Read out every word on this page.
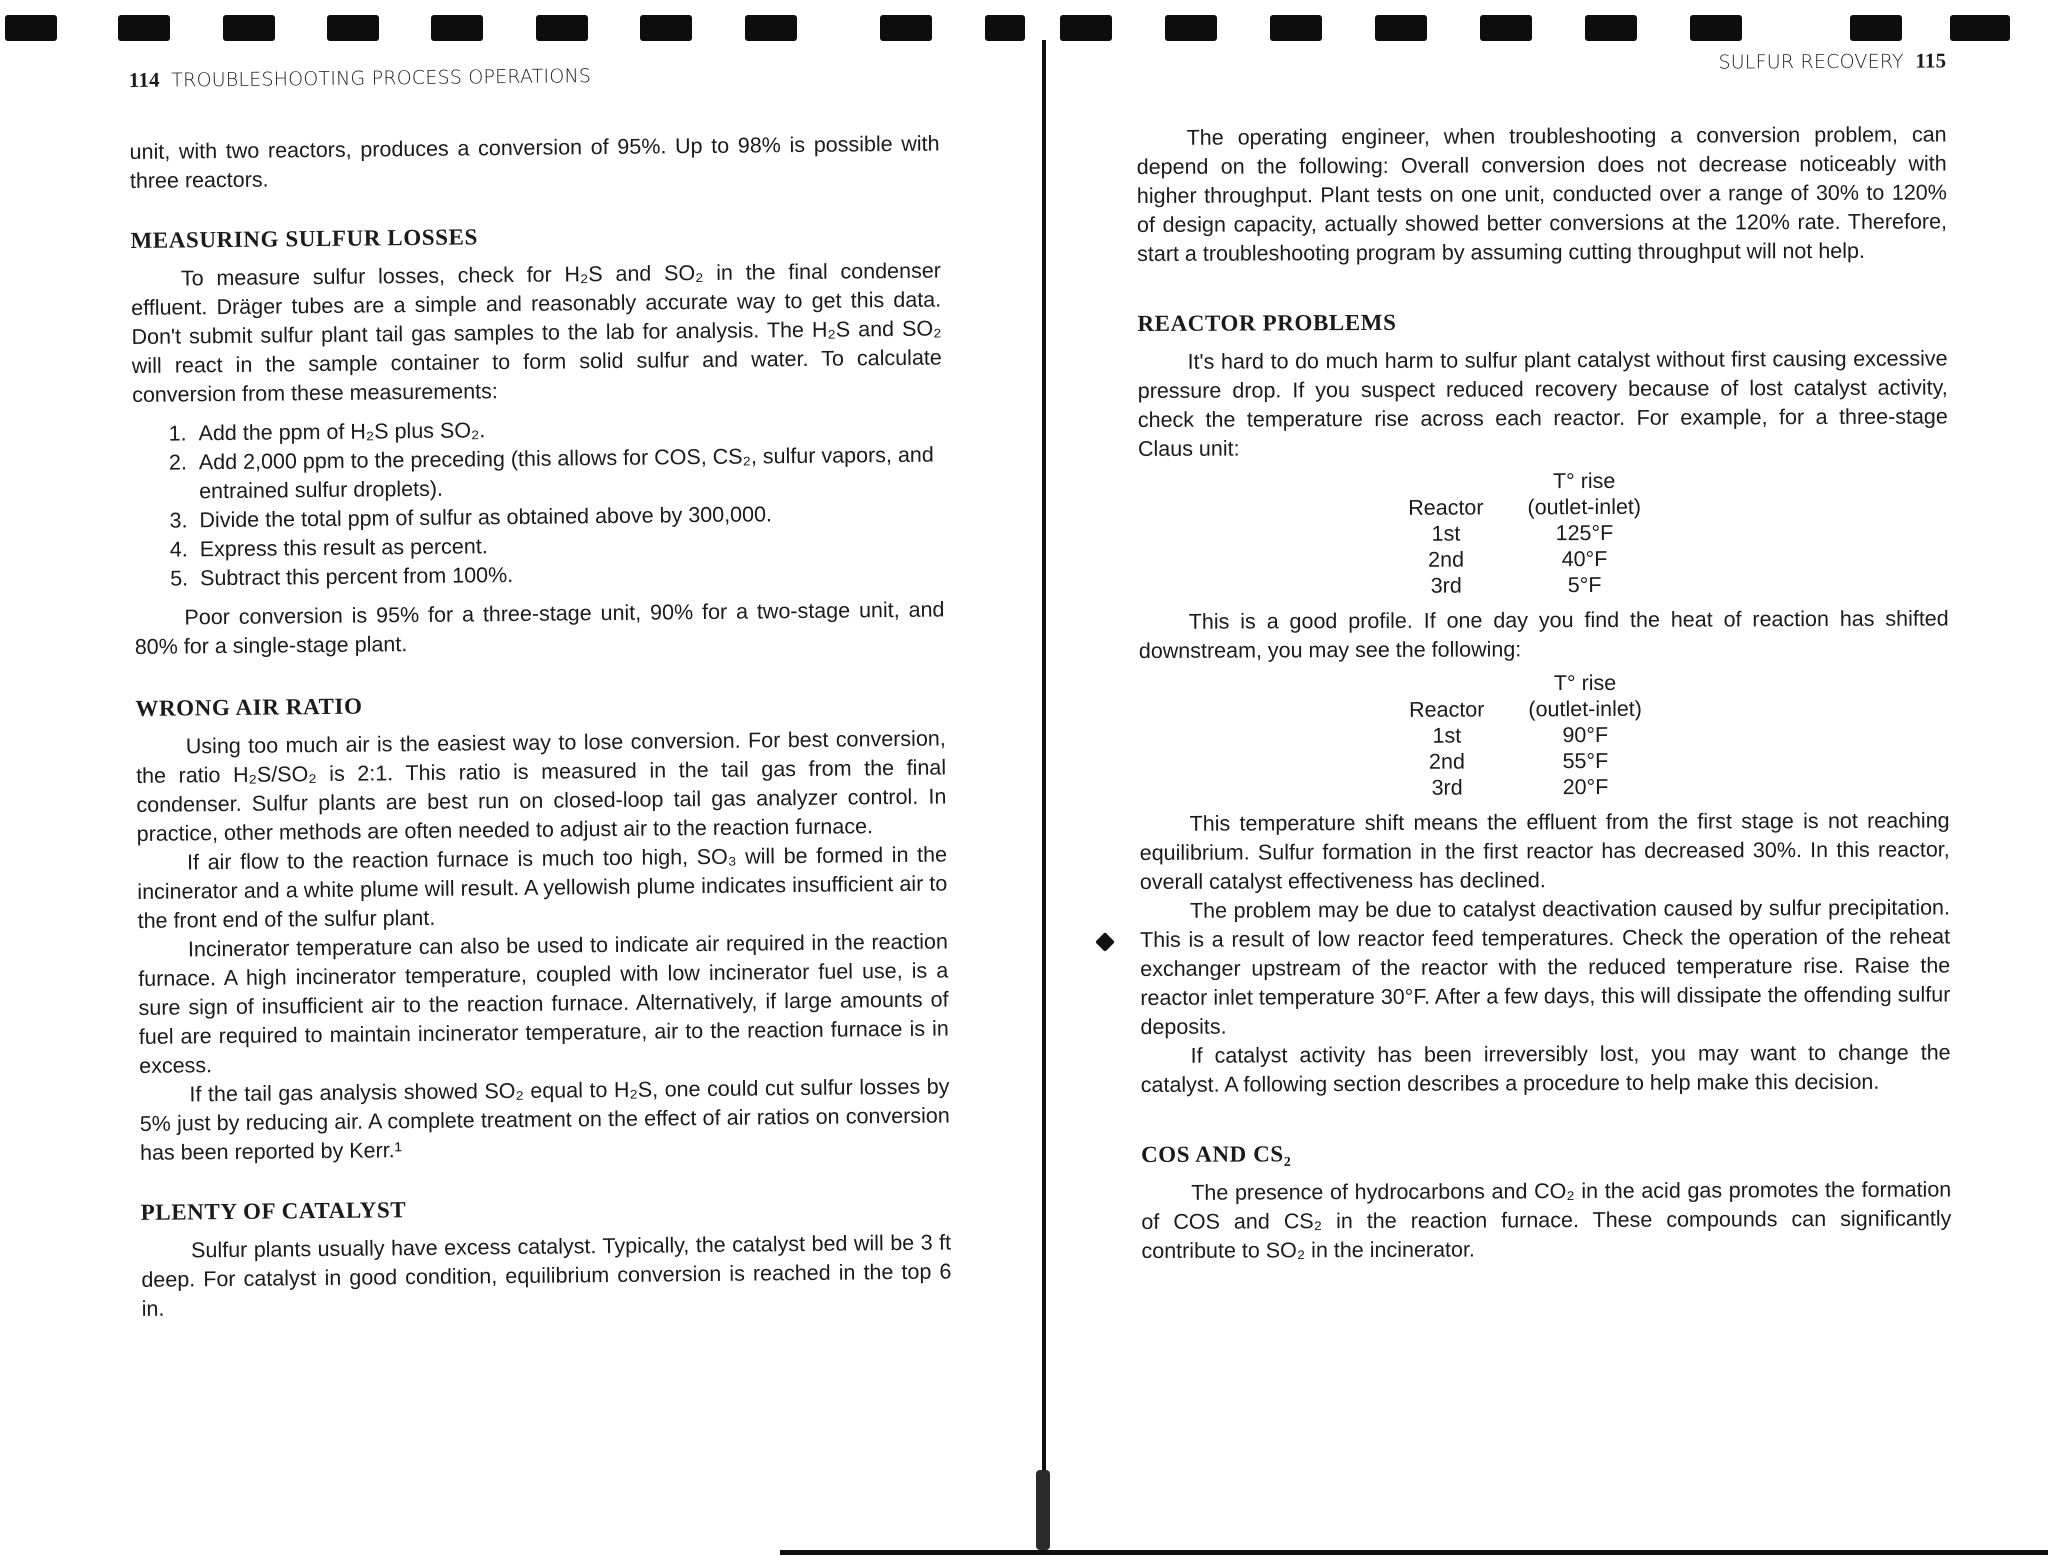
114 TROUBLESHOOTING PROCESS OPERATIONS

unit, with two reactors, produces a conversion of 95%. Up to 98% is possible with three reactors.

MEASURING SULFUR LOSSES

To measure sulfur losses, check for H₂S and SO₂ in the final condenser effluent. Dräger tubes are a simple and reasonably accurate way to get this data. Don't submit sulfur plant tail gas samples to the lab for analysis. The H₂S and SO₂ will react in the sample container to form solid sulfur and water. To calculate conversion from these measurements:

1. Add the ppm of H₂S plus SO₂.
2. Add 2,000 ppm to the preceding (this allows for COS, CS₂, sulfur vapors, and entrained sulfur droplets).
3. Divide the total ppm of sulfur as obtained above by 300,000.
4. Express this result as percent.
5. Subtract this percent from 100%.

Poor conversion is 95% for a three-stage unit, 90% for a two-stage unit, and 80% for a single-stage plant.

WRONG AIR RATIO

Using too much air is the easiest way to lose conversion. For best conversion, the ratio H₂S/SO₂ is 2:1. This ratio is measured in the tail gas from the final condenser. Sulfur plants are best run on closed-loop tail gas analyzer control. In practice, other methods are often needed to adjust air to the reaction furnace.

If air flow to the reaction furnace is much too high, SO₃ will be formed in the incinerator and a white plume will result. A yellowish plume indicates insufficient air to the front end of the sulfur plant.

Incinerator temperature can also be used to indicate air required in the reaction furnace. A high incinerator temperature, coupled with low incinerator fuel use, is a sure sign of insufficient air to the reaction furnace. Alternatively, if large amounts of fuel are required to maintain incinerator temperature, air to the reaction furnace is in excess.

If the tail gas analysis showed SO₂ equal to H₂S, one could cut sulfur losses by 5% just by reducing air. A complete treatment on the effect of air ratios on conversion has been reported by Kerr.¹

PLENTY OF CATALYST

Sulfur plants usually have excess catalyst. Typically, the catalyst bed will be 3 ft deep. For catalyst in good condition, equilibrium conversion is reached in the top 6 in.

SULFUR RECOVERY 115

The operating engineer, when troubleshooting a conversion problem, can depend on the following: Overall conversion does not decrease noticeably with higher throughput. Plant tests on one unit, conducted over a range of 30% to 120% of design capacity, actually showed better conversions at the 120% rate. Therefore, start a troubleshooting program by assuming cutting throughput will not help.

REACTOR PROBLEMS

It's hard to do much harm to sulfur plant catalyst without first causing excessive pressure drop. If you suspect reduced recovery because of lost catalyst activity, check the temperature rise across each reactor. For example, for a three-stage Claus unit:

	T° rise
Reactor	(outlet-inlet)
1st	125°F
2nd	40°F
3rd	5°F

This is a good profile. If one day you find the heat of reaction has shifted downstream, you may see the following:

	T° rise
Reactor	(outlet-inlet)
1st	90°F
2nd	55°F
3rd	20°F

This temperature shift means the effluent from the first stage is not reaching equilibrium. Sulfur formation in the first reactor has decreased 30%. In this reactor, overall catalyst effectiveness has declined.

The problem may be due to catalyst deactivation caused by sulfur precipitation. This is a result of low reactor feed temperatures. Check the operation of the reheat exchanger upstream of the reactor with the reduced temperature rise. Raise the reactor inlet temperature 30°F. After a few days, this will dissipate the offending sulfur deposits.

If catalyst activity has been irreversibly lost, you may want to change the catalyst. A following section describes a procedure to help make this decision.

COS AND CS₂

The presence of hydrocarbons and CO₂ in the acid gas promotes the formation of COS and CS₂ in the reaction furnace. These compounds can significantly contribute to SO₂ in the incinerator.
